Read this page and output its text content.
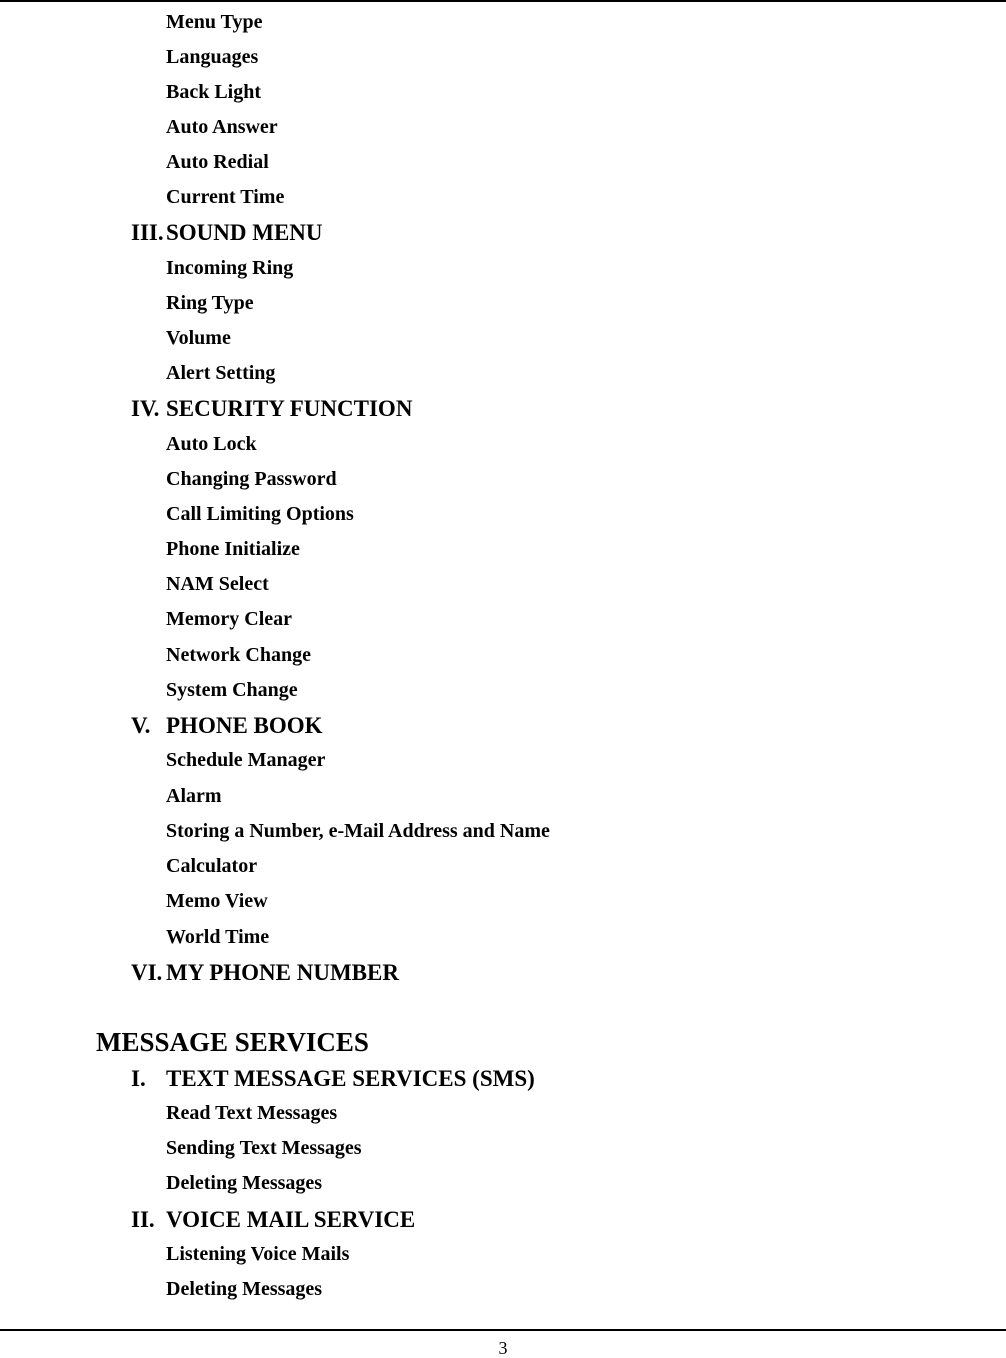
Menu Type
Languages
Back Light
Auto Answer
Auto Redial
Current Time
III. SOUND MENU
Incoming Ring
Ring Type
Volume
Alert Setting
IV. SECURITY FUNCTION
Auto Lock
Changing Password
Call Limiting Options
Phone Initialize
NAM Select
Memory Clear
Network Change
System Change
V. PHONE BOOK
Schedule Manager
Alarm
Storing a Number, e-Mail Address and Name
Calculator
Memo View
World Time
VI. MY PHONE NUMBER
MESSAGE SERVICES
I. TEXT MESSAGE SERVICES (SMS)
Read Text Messages
Sending Text Messages
Deleting Messages
II. VOICE MAIL SERVICE
Listening Voice Mails
Deleting Messages
3
